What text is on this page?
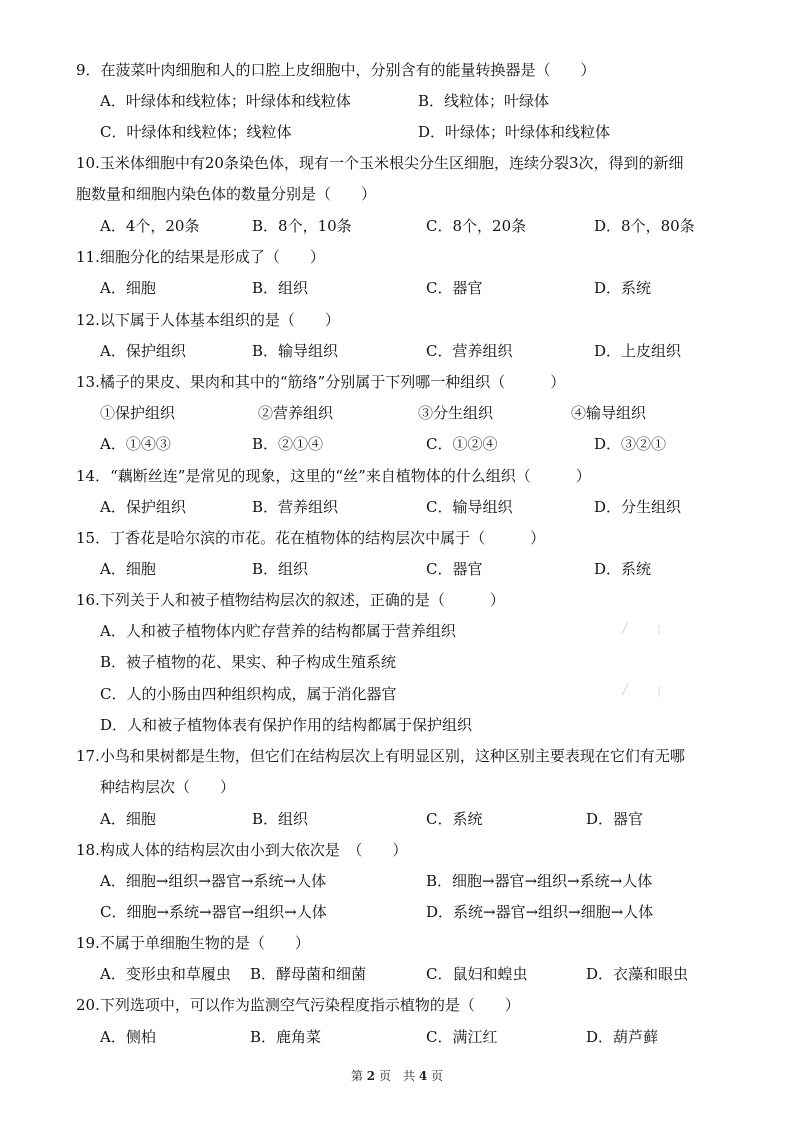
9．在菠菜叶肉细胞和人的口腔上皮细胞中，分别含有的能量转换器是（　　）
A．叶绿体和线粒体；叶绿体和线粒体	B．线粒体；叶绿体
C．叶绿体和线粒体；线粒体	D．叶绿体；叶绿体和线粒体
10.玉米体细胞中有20条染色体，现有一个玉米根尖分生区细胞，连续分裂3次，得到的新细
胞数量和细胞内染色体的数量分别是（　　）
A．4个，20条	B．8个，10条	C．8个，20条	D．8个，80条
11.细胞分化的结果是形成了（　　）
A．细胞	B．组织	C．器官	D．系统
12.以下属于人体基本组织的是（　　）
A．保护组织	B．输导组织	C．营养组织	D．上皮组织
13.橘子的果皮、果肉和其中的“筋络”分别属于下列哪一种组织（　　　）
①保护组织	②营养组织	③分生组织	④输导组织
A．①④③	B．②①④	C．①②④	D．③②①
14．“藕断丝连”是常见的现象，这里的“丝”来自植物体的什么组织（　　　）
A．保护组织	B．营养组织	C．输导组织	D．分生组织
15．丁香花是哈尔滨的市花。花在植物体的结构层次中属于（　　　）
A．细胞	B．组织	C．器官	D．系统
16.下列关于人和被子植物结构层次的叙述，正确的是（　　　）
A．人和被子植物体内贮存营养的结构都属于营养组织
B．被子植物的花、果实、种子构成生殖系统
C．人的小肠由四种组织构成，属于消化器官
D．人和被子植物体表有保护作用的结构都属于保护组织
╱	╎
╱	╎
17.小鸟和果树都是生物，但它们在结构层次上有明显区别，这种区别主要表现在它们有无哪
种结构层次（　　）
A．细胞	B．组织	C．系统	D．器官
18.构成人体的结构层次由小到大依次是　（　　）
A．细胞→组织→器官→系统→人体	B．细胞→器官→组织→系统→人体
C．细胞→系统→器官→组织→人体	D．系统→器官→组织→细胞→人体
19.不属于单细胞生物的是（　　）
A．变形虫和草履虫 B．酵母菌和细菌	C．鼠妇和蝗虫	D．衣藻和眼虫
20.下列选项中，可以作为监测空气污染程度指示植物的是（　　）
A．侧柏	B．鹿角菜	C．满江红	D．葫芦藓
第 2 页　共 4 页
